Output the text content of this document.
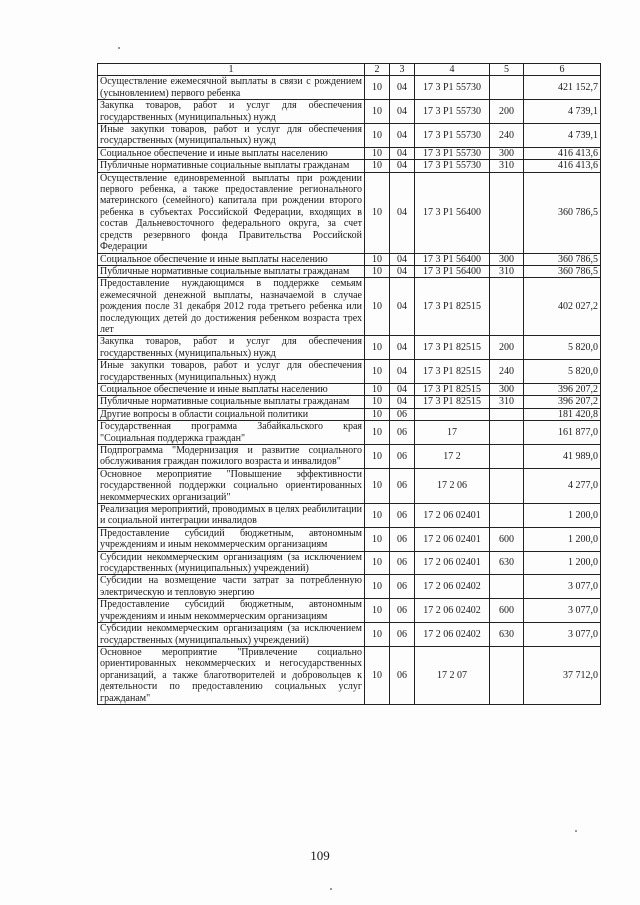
1	2	3	4	5	6
Осуществление ежемесячной выплаты в связи с рождением (усыновлением) первого ребенка	10	04	17 3 P1 55730		421 152,7
Закупка товаров, работ и услуг для обеспечения государственных (муниципальных) нужд	10	04	17 3 P1 55730	200	4 739,1
Иные закупки товаров, работ и услуг для обеспечения государственных (муниципальных) нужд	10	04	17 3 P1 55730	240	4 739,1
Социальное обеспечение и иные выплаты населению	10	04	17 3 P1 55730	300	416 413,6
Публичные нормативные социальные выплаты гражданам	10	04	17 3 P1 55730	310	416 413,6
Осуществление единовременной выплаты при рождении первого ребенка, а также предоставление регионального материнского (семейного) капитала при рождении второго ребенка в субъектах Российской Федерации, входящих в состав Дальневосточного федерального округа, за счет средств резервного фонда Правительства Российской Федерации	10	04	17 3 P1 56400		360 786,5
Социальное обеспечение и иные выплаты населению	10	04	17 3 P1 56400	300	360 786,5
Публичные нормативные социальные выплаты гражданам	10	04	17 3 P1 56400	310	360 786,5
Предоставление нуждающимся в поддержке семьям ежемесячной денежной выплаты, назначаемой в случае рождения после 31 декабря 2012 года третьего ребенка или последующих детей до достижения ребенком возраста трех лет	10	04	17 3 P1 82515		402 027,2
Закупка товаров, работ и услуг для обеспечения государственных (муниципальных) нужд	10	04	17 3 P1 82515	200	5 820,0
Иные закупки товаров, работ и услуг для обеспечения государственных (муниципальных) нужд	10	04	17 3 P1 82515	240	5 820,0
Социальное обеспечение и иные выплаты населению	10	04	17 3 P1 82515	300	396 207,2
Публичные нормативные социальные выплаты гражданам	10	04	17 3 P1 82515	310	396 207,2
Другие вопросы в области социальной политики	10	06			181 420,8
Государственная программа Забайкальского края "Социальная поддержка граждан"	10	06	17		161 877,0
Подпрограмма "Модернизация и развитие социального обслуживания граждан пожилого возраста и инвалидов"	10	06	17 2		41 989,0
Основное мероприятие "Повышение эффективности государственной поддержки социально ориентированных некоммерческих организаций"	10	06	17 2 06		4 277,0
Реализация мероприятий, проводимых в целях реабилитации и социальной интеграции инвалидов	10	06	17 2 06 02401		1 200,0
Предоставление субсидий бюджетным, автономным учреждениям и иным некоммерческим организациям	10	06	17 2 06 02401	600	1 200,0
Субсидии некоммерческим организациям (за исключением государственных (муниципальных) учреждений)	10	06	17 2 06 02401	630	1 200,0
Субсидии на возмещение части затрат за потребленную электрическую и тепловую энергию	10	06	17 2 06 02402		3 077,0
Предоставление субсидий бюджетным, автономным учреждениям и иным некоммерческим организациям	10	06	17 2 06 02402	600	3 077,0
Субсидии некоммерческим организациям (за исключением государственных (муниципальных) учреждений)	10	06	17 2 06 02402	630	3 077,0
Основное мероприятие "Привлечение социально ориентированных некоммерческих и негосударственных организаций, а также благотворителей и добровольцев к деятельности по предоставлению социальных услуг гражданам"	10	06	17 2 07		37 712,0
109
